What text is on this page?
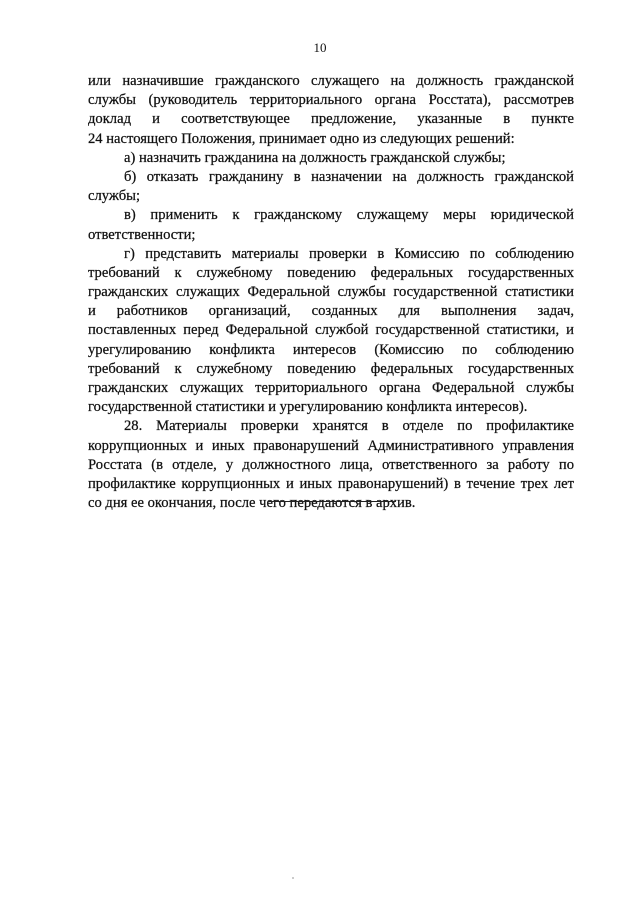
10
или назначившие гражданского служащего на должность гражданской
службы (руководитель территориального органа Росстата), рассмотрев
доклад и соответствующее предложение, указанные в пункте
24 настоящего Положения, принимает одно из следующих решений:
а) назначить гражданина на должность гражданской службы;
б) отказать гражданину в назначении на должность гражданской
службы;
в) применить к гражданскому служащему меры юридической
ответственности;
г) представить материалы проверки в Комиссию по соблюдению
требований к служебному поведению федеральных государственных
гражданских служащих Федеральной службы государственной статистики
и работников организаций, созданных для выполнения задач,
поставленных перед Федеральной службой государственной статистики, и
урегулированию конфликта интересов (Комиссию по соблюдению
требований к служебному поведению федеральных государственных
гражданских служащих территориального органа Федеральной службы
государственной статистики и урегулированию конфликта интересов).
28. Материалы проверки хранятся в отделе по профилактике
коррупционных и иных правонарушений Административного управления
Росстата (в отделе, у должностного лица, ответственного за работу по
профилактике коррупционных и иных правонарушений) в течение трех лет
со дня ее окончания, после чего передаются в архив.
